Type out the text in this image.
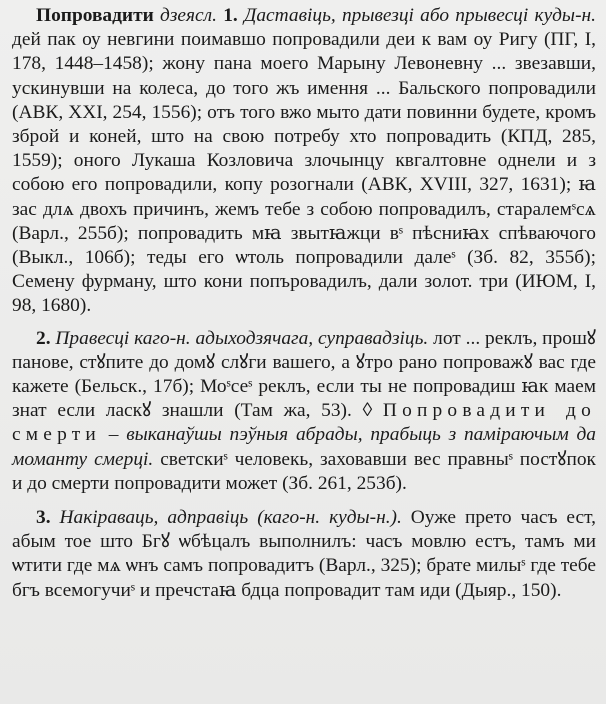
Попровадити дзеясл. 1. Даставіць, прывезці або прывесці куды-н. дей пак оу невгини поимавшо попровадили деи к вам оу Ригу (ПГ, I, 178, 1448–1458); жону пана моего Марыну Левоневну ... звезавши, ускинувши на колеса, до того жъ имення ... Бальского попровадили (АВК, XXI, 254, 1556); отъ того вжо мыто дати повинни будете, кромъ зброй и коней, што на свою потребу хто попровадить (КПД, 285, 1559); оного Лукаша Козловича злочынцу квгалтовне однели и з собою его попровадили, копу розогнали (АВК, XVIII, 327, 1631); ꙗ зас длѧ двохъ причинъ, жемъ тебе з собою попровадилъ, старалемˢсѧ (Варл., 255б); попровадить мꙗ звытꙗжци вˢ пѣсниꙗх спѣваючого (Выкл., 106б); теды его ѡтоль попровадили далеˢ (Зб. 82, 355б); Семену фурману, штo кони попъровадилъ, дали золот. три (ИЮМ, I, 98, 1680).

2. Правесці каго-н. адыходзячага, суправадзіць. лот ... реклъ, прошꙋ панове, стꙋпите до домꙋ слꙋги вашего, а ꙋтро рано попроважꙋ вас где кажете (Бельск., 17б); Моˢсеˢ реклъ, если ты не попровадиш ꙗк маем знат если ласкꙋ знашли (Там жа, 53). ◊ Попровадити до смерти – выканаўшы пэўныя абрады, прабыць з паміраючым да моманту смерці. светскиˢ человекь, заховавши вес правныˢ постꙋпок и до смерти попровадити может (Зб. 261, 253б).

3. Накіраваць, адправіць (каго-н. куды-н.). Оуже прето часъ ест, абым тое што Бгꙋ ѡбѣцалъ выполнилъ: часъ мовлю естъ, тамъ ми ѡтити где мѧ ѡнъ самъ попровадитъ (Варл., 325); брате милыˢ где тебе бгъ всемогучиˢ и пречстаꙗ бдца попровадит там иди (Дыяр., 150).
